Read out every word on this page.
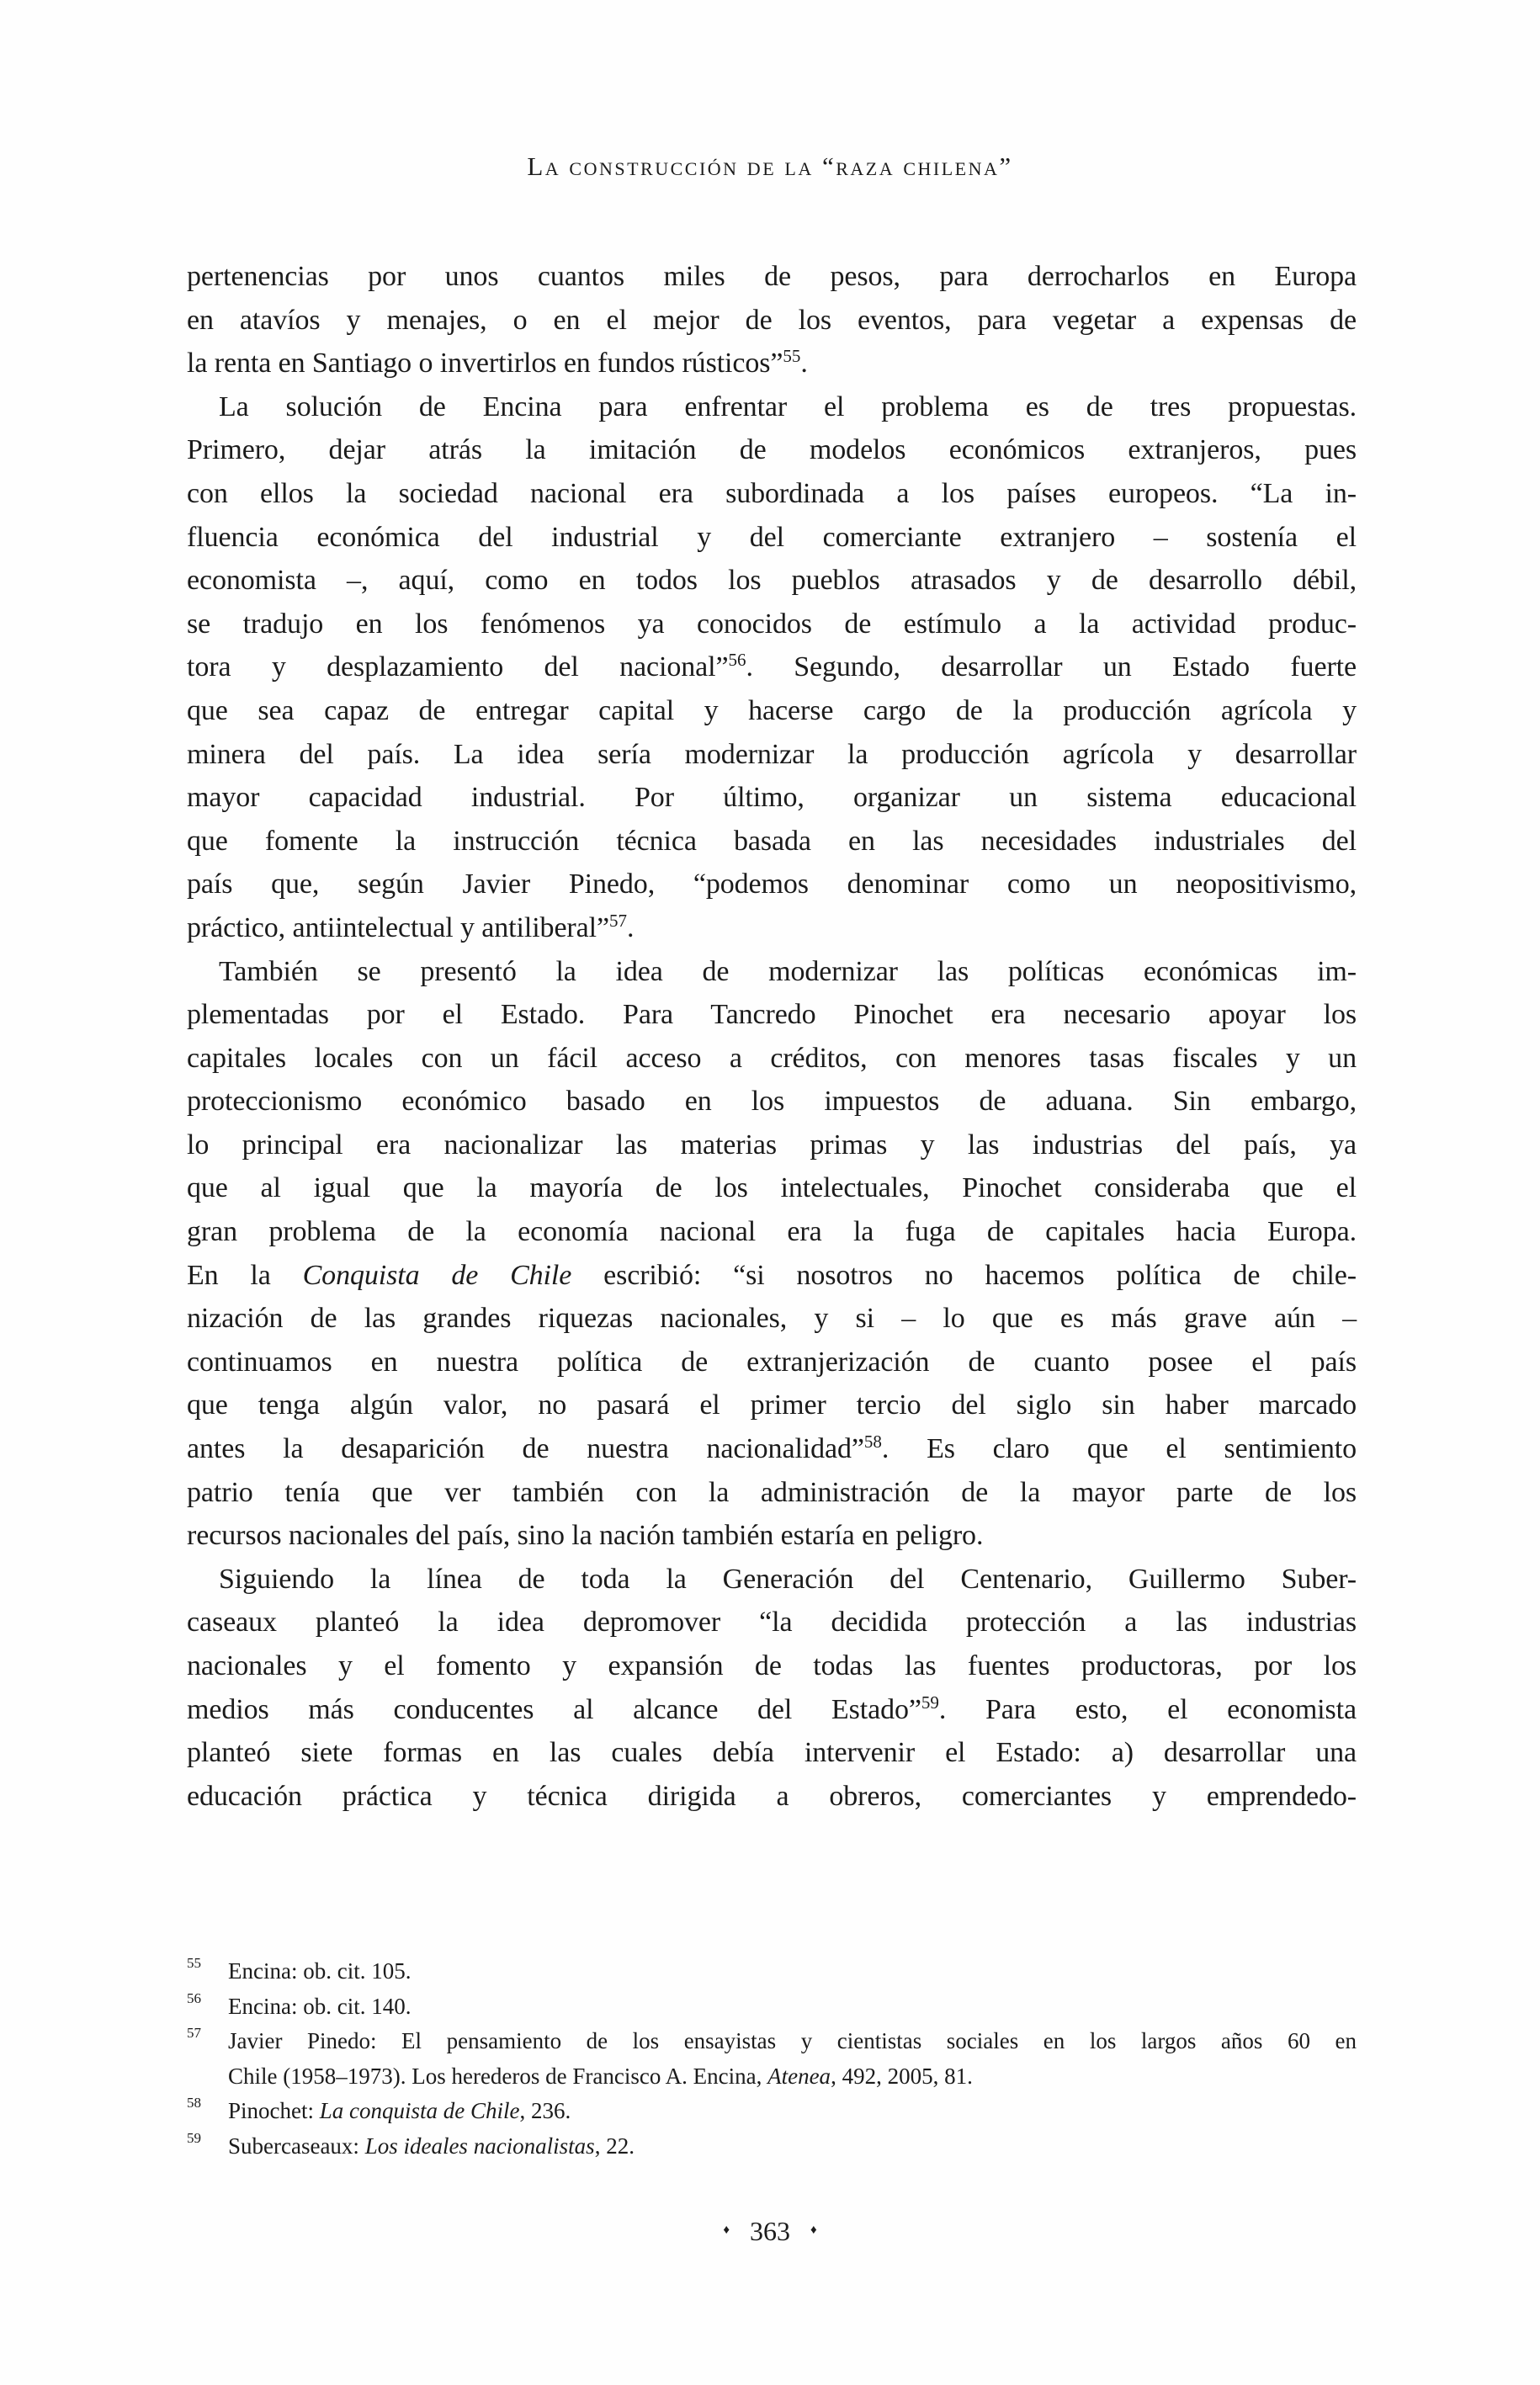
La construcción de la “raza chilena”
pertenencias por unos cuantos miles de pesos, para derrocharlos en Europa
en atavíos y menajes, o en el mejor de los eventos, para vegetar a expensas de
la renta en Santiago o invertirlos en fundos rústicos”$^{55}$.
La solución de Encina para enfrentar el problema es de tres propuestas.
Primero, dejar atrás la imitación de modelos económicos extranjeros, pues
con ellos la sociedad nacional era subordinada a los países europeos. “La in-
fluencia económica del industrial y del comerciante extranjero – sostenía el
economista –, aquí, como en todos los pueblos atrasados y de desarrollo débil,
se tradujo en los fenómenos ya conocidos de estímulo a la actividad produc-
tora y desplazamiento del nacional”$^{56}$. Segundo, desarrollar un Estado fuerte
que sea capaz de entregar capital y hacerse cargo de la producción agrícola y
minera del país. La idea sería modernizar la producción agrícola y desarrollar
mayor capacidad industrial. Por último, organizar un sistema educacional
que fomente la instrucción técnica basada en las necesidades industriales del
país que, según Javier Pinedo, “podemos denominar como un neopositivismo,
práctico, antiintelectual y antiliberal”$^{57}$.
También se presentó la idea de modernizar las políticas económicas im-
plementadas por el Estado. Para Tancredo Pinochet era necesario apoyar los
capitales locales con un fácil acceso a créditos, con menores tasas fiscales y un
proteccionismo económico basado en los impuestos de aduana. Sin embargo,
lo principal era nacionalizar las materias primas y las industrias del país, ya
que al igual que la mayoría de los intelectuales, Pinochet consideraba que el
gran problema de la economía nacional era la fuga de capitales hacia Europa.
En la Conquista de Chile escribió: “si nosotros no hacemos política de chile-
nización de las grandes riquezas nacionales, y si – lo que es más grave aún –
continuamos en nuestra política de extranjerización de cuanto posee el país
que tenga algún valor, no pasará el primer tercio del siglo sin haber marcado
antes la desaparición de nuestra nacionalidad”$^{58}$. Es claro que el sentimiento
patrio tenía que ver también con la administración de la mayor parte de los
recursos nacionales del país, sino la nación también estaría en peligro.
Siguiendo la línea de toda la Generación del Centenario, Guillermo Suber-
caseaux planteó la idea depromover “la decidida protección a las industrias
nacionales y el fomento y expansión de todas las fuentes productoras, por los
medios más conducentes al alcance del Estado”$^{59}$. Para esto, el economista
planteó siete formas en las cuales debía intervenir el Estado: a) desarrollar una
educación práctica y técnica dirigida a obreros, comerciantes y emprendedo-
55 Encina: ob. cit. 105.
56 Encina: ob. cit. 140.
57 Javier Pinedo: El pensamiento de los ensayistas y cientistas sociales en los largos años 60 en
Chile (1958–1973). Los herederos de Francisco A. Encina, Atenea, 492, 2005, 81.
58 Pinochet: La conquista de Chile, 236.
59 Subercaseaux: Los ideales nacionalistas, 22.
♦ 363 ♦
